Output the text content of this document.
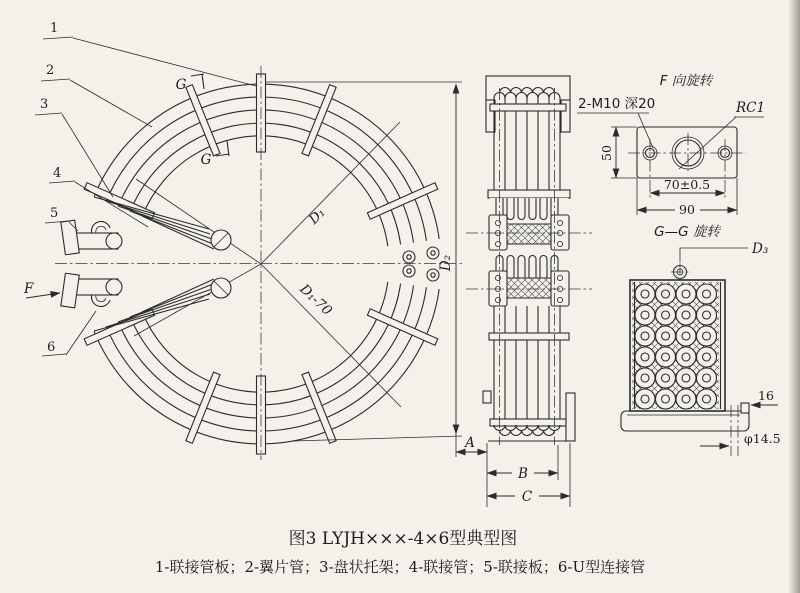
D₁
D₁-70
G
G
1
2
3
4
5
6
F
D₂
A
B
C
F 向旋转
2-M10 深20	RC1
50
70±0.5
90
G—G 旋转
D₃
16
φ14.5
图3 LYJH×××-4×6型典型图
1-联接管板；2-翼片管；3-盘状托架；4-联接管；5-联接板；6-U型连接管
